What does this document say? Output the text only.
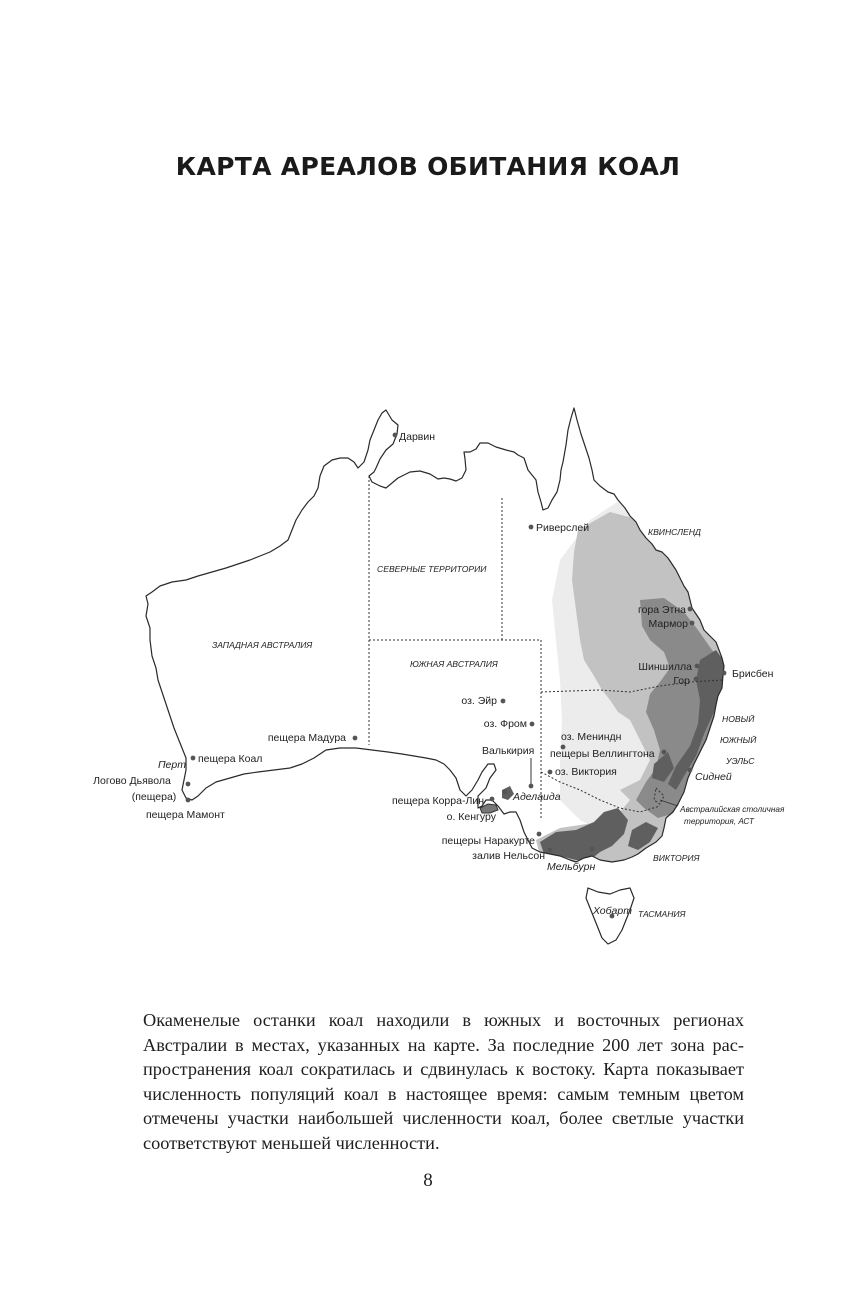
КАРТА АРЕАЛОВ ОБИТАНИЯ КОАЛ
КВИНСЛЕНД
СЕВЕРНЫЕ ТЕРРИТОРИИ
ЗАПАДНАЯ АВСТРАЛИЯ
ЮЖНАЯ АВСТРАЛИЯ
НОВЫЙ
ЮЖНЫЙ
УЭЛЬС
Австралийская столичная
территория, АСТ
ВИКТОРИЯ
ТАСМАНИЯ
Дарвин
Риверслей
гора Этна
Мармор
Шиншилла
Гор
Брисбен
пещера Мадура
Перт пещера Коал
Логово Дьявола
(пещера)
пещера Мамонт
оз. Эйр
оз. Фром
Валькирия
оз. Мениндн
пещеры Веллингтона
оз. Виктория	Сидней
Аделаида
пещера Корра-Лин
о. Кенгуру
пещеры Наракурте
залив Нельсон
Мельбурн
Хобарт

Окаменелые останки коал находили в южных и восточных регионах Австралии в местах, указанных на карте. За последние 200 лет зона распространения коал сократилась и сдвинулась к востоку. Карта показывает численность популяций коал в настоящее время: самым темным цветом отмечены участки наибольшей численности коал, более светлые участки соответствуют меньшей численности.

8
